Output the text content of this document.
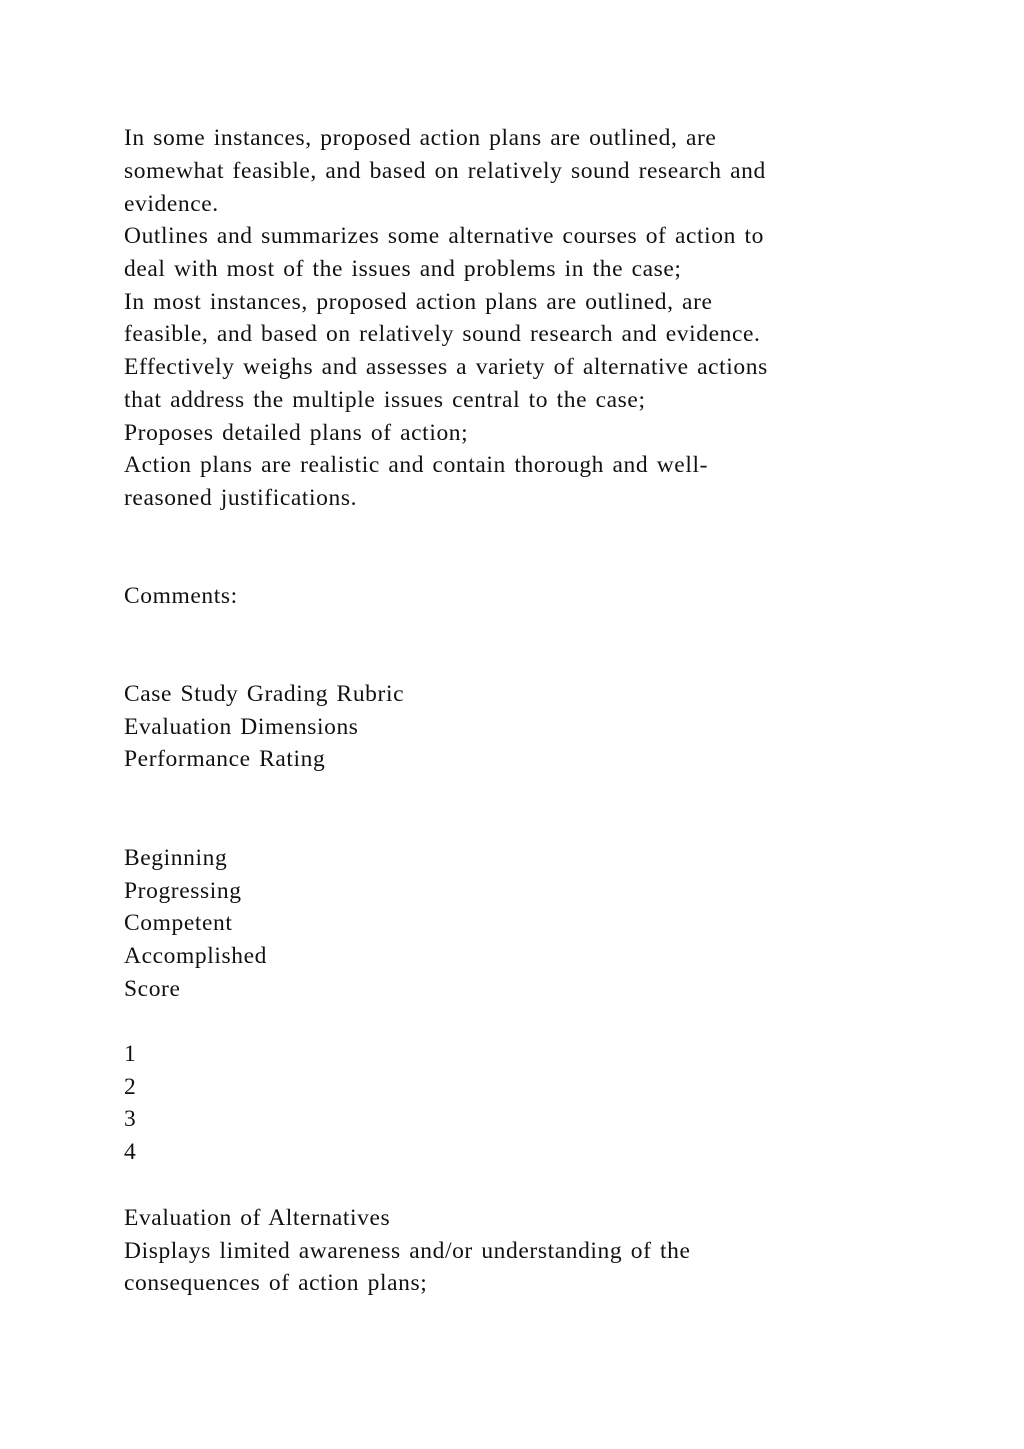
In some instances, proposed action plans are outlined, are
somewhat feasible, and based on relatively sound research and
evidence.
Outlines and summarizes some alternative courses of action to
deal with most of the issues and problems in the case;
In most instances, proposed action plans are outlined, are
feasible, and based on relatively sound research and evidence.
Effectively weighs and assesses a variety of alternative actions
that address the multiple issues central to the case;
Proposes detailed plans of action;
Action plans are realistic and contain thorough and well-
reasoned justifications.
Comments:
Case Study Grading Rubric
Evaluation Dimensions
Performance Rating
Beginning
Progressing
Competent
Accomplished
Score
1
2
3
4
Evaluation of Alternatives
Displays limited awareness and/or understanding of the
consequences of action plans;
